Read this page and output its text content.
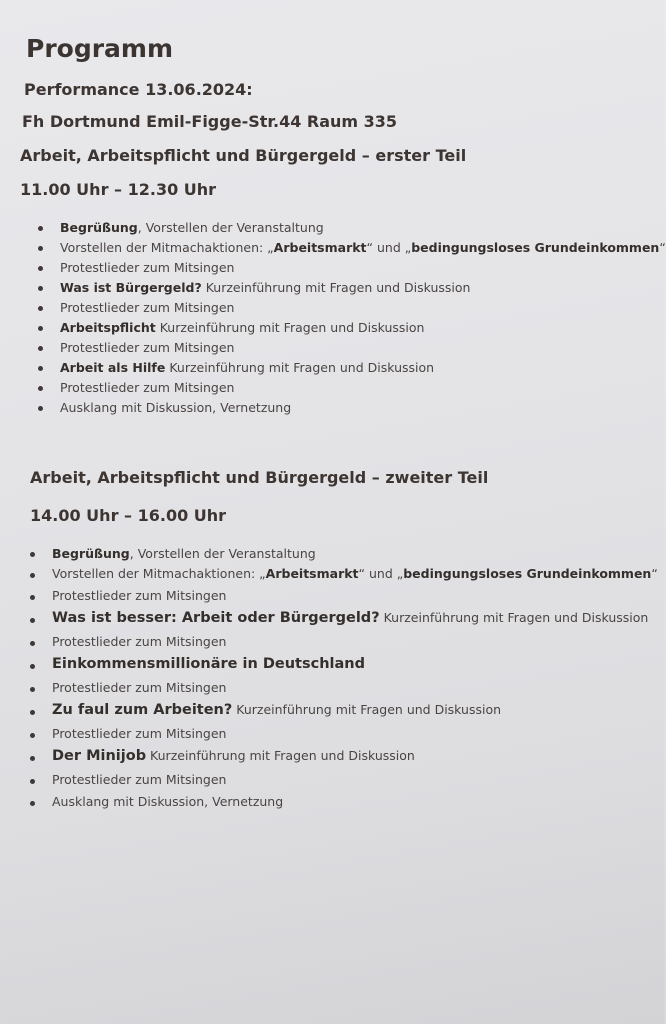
Programm
Performance 13.06.2024:
Fh Dortmund Emil-Figge-Str.44 Raum 335
Arbeit, Arbeitspflicht und Bürgergeld – erster Teil
11.00 Uhr – 12.30 Uhr
Begrüßung, Vorstellen der Veranstaltung
Vorstellen der Mitmachaktionen: „Arbeitsmarkt“ und „bedingungsloses Grundeinkommen“
Protestlieder zum Mitsingen
Was ist Bürgergeld? Kurzeinführung mit Fragen und Diskussion
Protestlieder zum Mitsingen
Arbeitspflicht Kurzeinführung mit Fragen und Diskussion
Protestlieder zum Mitsingen
Arbeit als Hilfe Kurzeinführung mit Fragen und Diskussion
Protestlieder zum Mitsingen
Ausklang mit Diskussion, Vernetzung
Arbeit, Arbeitspflicht und Bürgergeld – zweiter Teil
14.00 Uhr – 16.00 Uhr
Begrüßung, Vorstellen der Veranstaltung
Vorstellen der Mitmachaktionen: „Arbeitsmarkt“ und „bedingungsloses Grundeinkommen“
Protestlieder zum Mitsingen
Was ist besser: Arbeit oder Bürgergeld? Kurzeinführung mit Fragen und Diskussion
Protestlieder zum Mitsingen
Einkommensmillionäre in Deutschland
Protestlieder zum Mitsingen
Zu faul zum Arbeiten? Kurzeinführung mit Fragen und Diskussion
Protestlieder zum Mitsingen
Der Minijob Kurzeinführung mit Fragen und Diskussion
Protestlieder zum Mitsingen
Ausklang mit Diskussion, Vernetzung
